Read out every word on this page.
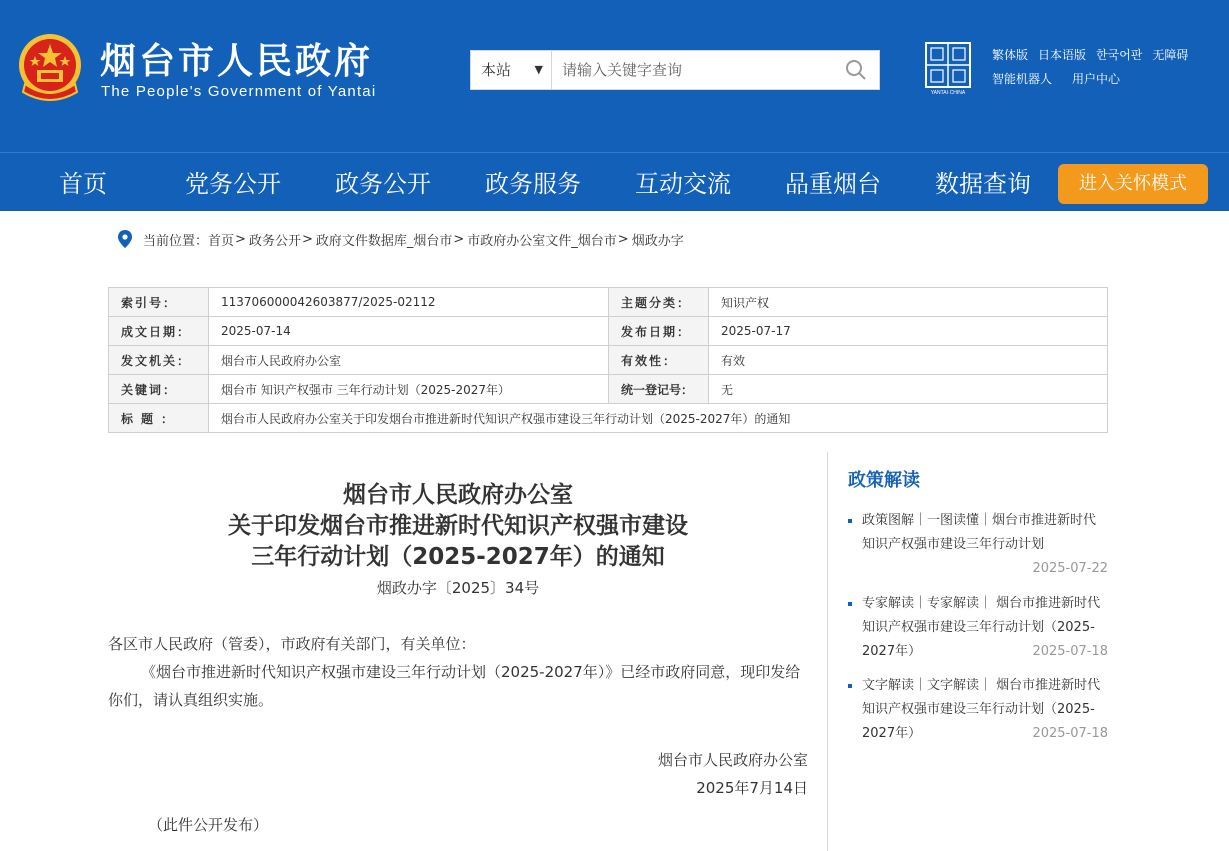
烟台市人民政府
The People's Government of Yantai
本站 ▼
请输入关键字查询
YANTAI·CHINA
繁体版 日本语版 한국어판 无障碍
智能机器人 用户中心
首页	党务公开 政务公开 政务服务 互动交流 品重烟台 数据查询	进入关怀模式
当前位置： 首页 > 政务公开 > 政府文件数据库_烟台市 > 市政府办公室文件_烟台市 > 烟政办字
索引号：	113706000042603877/2025-02112	主题分类：	知识产权
成文日期：	2025-07-14	发布日期：	2025-07-17
发文机关：	烟台市人民政府办公室	有效性：	有效
关键词：	烟台市 知识产权强市 三年行动计划（2025-2027年）	统一登记号：	无
标题：	烟台市人民政府办公室关于印发烟台市推进新时代知识产权强市建设三年行动计划（2025-2027年）的通知		
烟台市人民政府办公室
关于印发烟台市推进新时代知识产权强市建设
三年行动计划（2025-2027年）的通知
烟政办字〔2025〕34号

各区市人民政府（管委），市政府有关部门，有关单位：

《烟台市推进新时代知识产权强市建设三年行动计划（2025-2027年）》已经市政府同意，现印发给你们，请认真组织实施。

烟台市人民政府办公室
2025年7月14日
（此件公开发布）
政策解读
政策图解｜一图读懂｜烟台市推进新时代知识产权强市建设三年行动计划
2025-07-22
专家解读｜专家解读｜ 烟台市推进新时代知识产权强市建设三年行动计划（2025-2027年）	2025-07-18
文字解读｜文字解读｜ 烟台市推进新时代知识产权强市建设三年行动计划（2025-2027年）	2025-07-18
